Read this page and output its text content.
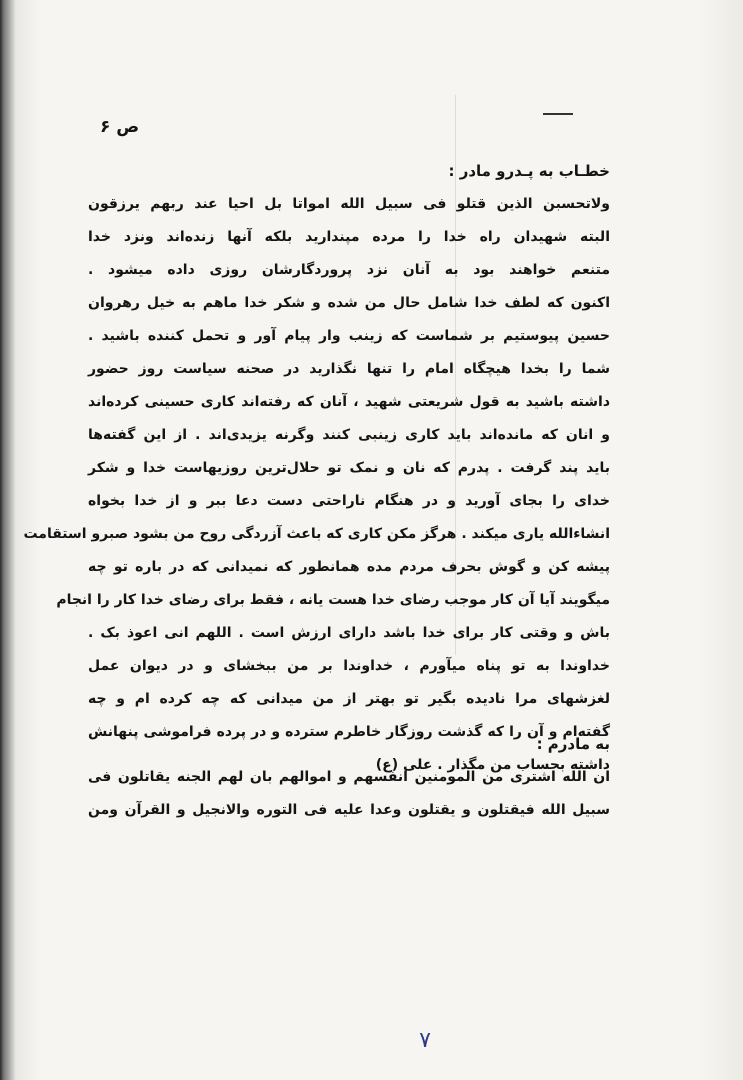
ص ۶
خطـاب به پـدرو مادر :
ولاتحسبن الذین قتلو فی سبیل الله امواتا بل احیا عند ربهم یرزقون
البته شهیدان راه خدا را مرده مپندارید بلکه آنها زنده‌اند ونزد خدا
متنعم خواهند بود به آنان نزد پروردگارشان روزی داده میشود .
اکنون که لطف خدا شامل حال من شده و شکر خدا ماهم به خیل رهروان
حسین پیوستیم بر شماست که زینب وار پیام آور و تحمل کننده باشید .
شما را بخدا هیچگاه امام را تنها نگذارید در صحنه سیاست روز حضور
داشته باشید به قول شریعتی شهید ، آنان که رفته‌اند کاری حسینی کرده‌اند
و انان که مانده‌اند باید کاری زینبی کنند وگرنه یزیدی‌اند . از این گفته‌ها
باید پند گرفت . پدرم که نان و نمک تو حلال‌ترین روزیهاست خدا و شکر
خدای را بجای آورید و در هنگام ناراحتی دست دعا ببر و از خدا بخواه
انشاءالله یاری میکند . هرگز مکن کاری که باعث آزردگی روح من بشود صبرو استقامت
پیشه کن و گوش بحرف مردم مده همانطور که نمیدانی که در باره تو چه
میگویند آیا آن کار موجب رضای خدا هست یانه ، فقط برای رضای خدا کار را انجام
باش و وقتی کار برای خدا باشد دارای ارزش است . اللهم انی اعوذ بک .
خداوندا به تو پناه میآورم ، خداوندا بر من ببخشای و در دیوان عمل
لغزشهای مرا نادیده بگیر تو بهتر از من میدانی که چه کرده ام و چه
گفته‌ام و آن را که گذشت روزگار خاطرم سترده و در پرده فراموشی پنهانش
داشته بحساب من مگذار . علی (ع)
به مادرم :
ان الله اشتری من المومنین انفسهم و اموالهم بان لهم الجنه یقاتلون فی
سبیل الله فیقتلون و یقتلون وعدا علیه فی التوره والانجیل و القرآن ومن
۷
